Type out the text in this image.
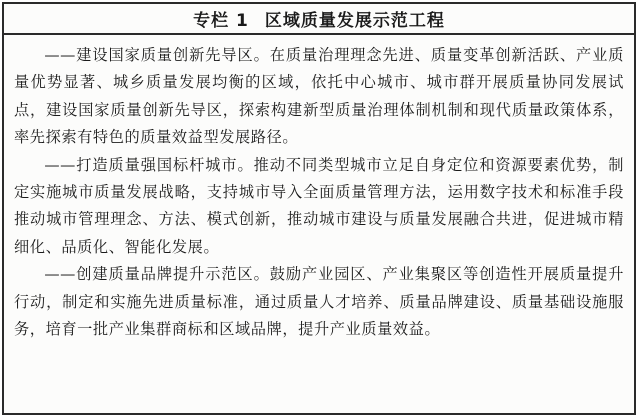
专栏 1 区域质量发展示范工程

——建设国家质量创新先导区。在质量治理理念先进、质量变革创新活跃、产业质量优势显著、城乡质量发展均衡的区域，依托中心城市、城市群开展质量协同发展试点，建设国家质量创新先导区，探索构建新型质量治理体制机制和现代质量政策体系，率先探索有特色的质量效益型发展路径。

——打造质量强国标杆城市。推动不同类型城市立足自身定位和资源要素优势，制定实施城市质量发展战略，支持城市导入全面质量管理方法，运用数字技术和标准手段推动城市管理理念、方法、模式创新，推动城市建设与质量发展融合共进，促进城市精细化、品质化、智能化发展。

——创建质量品牌提升示范区。鼓励产业园区、产业集聚区等创造性开展质量提升行动，制定和实施先进质量标准，通过质量人才培养、质量品牌建设、质量基础设施服务，培育一批产业集群商标和区域品牌，提升产业质量效益。
